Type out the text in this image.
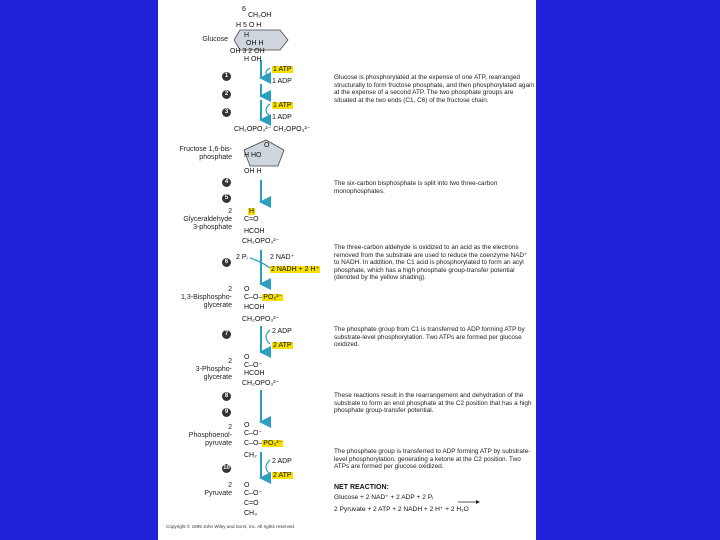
1
2
3
4
5
6
7
8
9
10
Glucose
Fructose 1,6-bis-
phosphate
2
Glyceraldehyde
3-phosphate
2
1,3-Bisphospho-
glycerate
2
3-Phospho-
glycerate
2
Phosphoenol-
pyruvate
2
Pyruvate
6
CH₂OH
H 5 O H
H
OH H
OH 3 2 OH
H OH
1 ATP
1 ADP
1 ATP
1 ADP
CH₂OPO₃²⁻ CH₂OPO₃²⁻
O
H HO
OH H
H
C=O
HCOH
CH₂OPO₃²⁻
2 Pᵢ	2 NAD⁺
2 NADH + 2 H⁺
O
C–O–PO₃²⁻
HCOH
CH₂OPO₃²⁻
2 ADP
2 ATP
O
C–O⁻
HCOH
CH₂OPO₃²⁻
O
C–O⁻
C–O–PO₃²⁻
CH₂
2 ADP
2 ATP
O
C–O⁻
C=O
CH₃
Glucose is phosphorylated at the expense of one ATP, rearranged structurally to form fructose phosphate, and then phosphorylated again at the expense of a second ATP. The two phosphate groups are situated at the two ends (C1, C6) of the fructose chain.
The six-carbon bisphosphate is split into two three-carbon monophosphates.
The three-carbon aldehyde is oxidized to an acid as the electrons removed from the substrate are used to reduce the coenzyme NAD⁺ to NADH. In addition, the C1 acid is phosphorylated to form an acyl phosphate, which has a high phosphate group-transfer potential (denoted by the yellow shading).
The phosphate group from C1 is transferred to ADP forming ATP by substrate-level phosphorylation. Two ATPs are formed per glucose oxidized.
These reactions result in the rearrangement and dehydration of the substrate to form an enol phosphate at the C2 position that has a high phosphate group-transfer potential.
The phosphate group is transferred to ADP forming ATP by substrate-level phosphorylation, generating a ketone at the C2 position. Two ATPs are formed per glucose oxidized.
NET REACTION:
Glucose + 2 NAD⁺ + 2 ADP + 2 Pᵢ
2 Pyruvate + 2 ATP + 2 NADH + 2 H⁺ + 2 H₂O
Copyright © 1999 John Wiley and Sons, Inc. All rights reserved.
